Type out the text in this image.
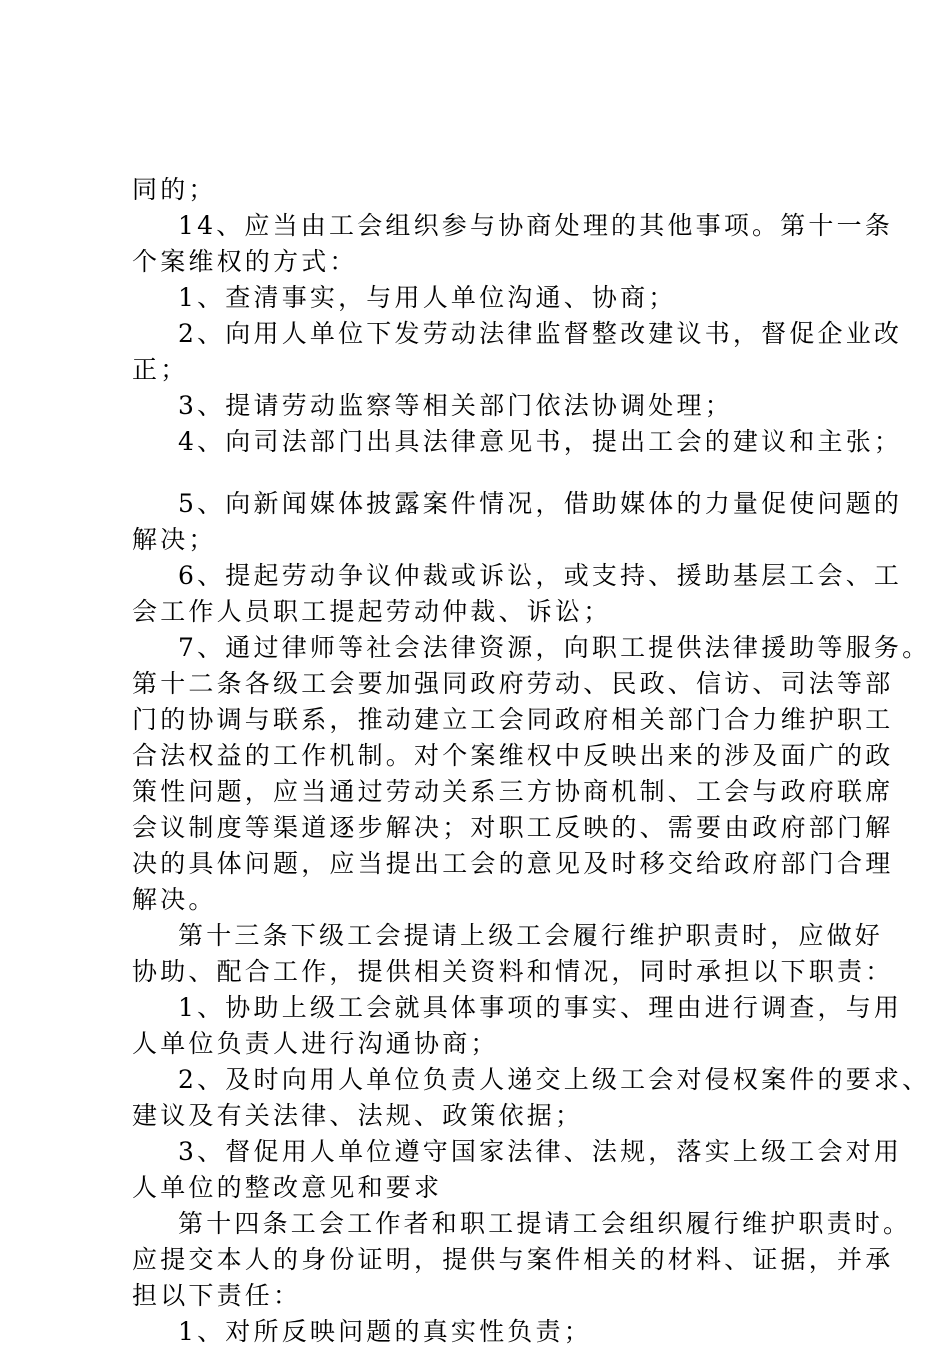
同的；
14、应当由工会组织参与协商处理的其他事项。第十一条
个案维权的方式：
1、查清事实，与用人单位沟通、协商；
2、向用人单位下发劳动法律监督整改建议书，督促企业改
正；
3、提请劳动监察等相关部门依法协调处理；
4、向司法部门出具法律意见书，提出工会的建议和主张；
5、向新闻媒体披露案件情况，借助媒体的力量促使问题的
解决；
6、提起劳动争议仲裁或诉讼，或支持、援助基层工会、工
会工作人员职工提起劳动仲裁、诉讼；
7、通过律师等社会法律资源，向职工提供法律援助等服务。
第十二条各级工会要加强同政府劳动、民政、信访、司法等部
门的协调与联系，推动建立工会同政府相关部门合力维护职工
合法权益的工作机制。对个案维权中反映出来的涉及面广的政
策性问题，应当通过劳动关系三方协商机制、工会与政府联席
会议制度等渠道逐步解决；对职工反映的、需要由政府部门解
决的具体问题，应当提出工会的意见及时移交给政府部门合理
解决。
第十三条下级工会提请上级工会履行维护职责时，应做好
协助、配合工作，提供相关资料和情况，同时承担以下职责：
1、协助上级工会就具体事项的事实、理由进行调查，与用
人单位负责人进行沟通协商；
2、及时向用人单位负责人递交上级工会对侵权案件的要求、
建议及有关法律、法规、政策依据；
3、督促用人单位遵守国家法律、法规，落实上级工会对用
人单位的整改意见和要求
第十四条工会工作者和职工提请工会组织履行维护职责时。
应提交本人的身份证明，提供与案件相关的材料、证据，并承
担以下责任：
1、对所反映问题的真实性负责；
